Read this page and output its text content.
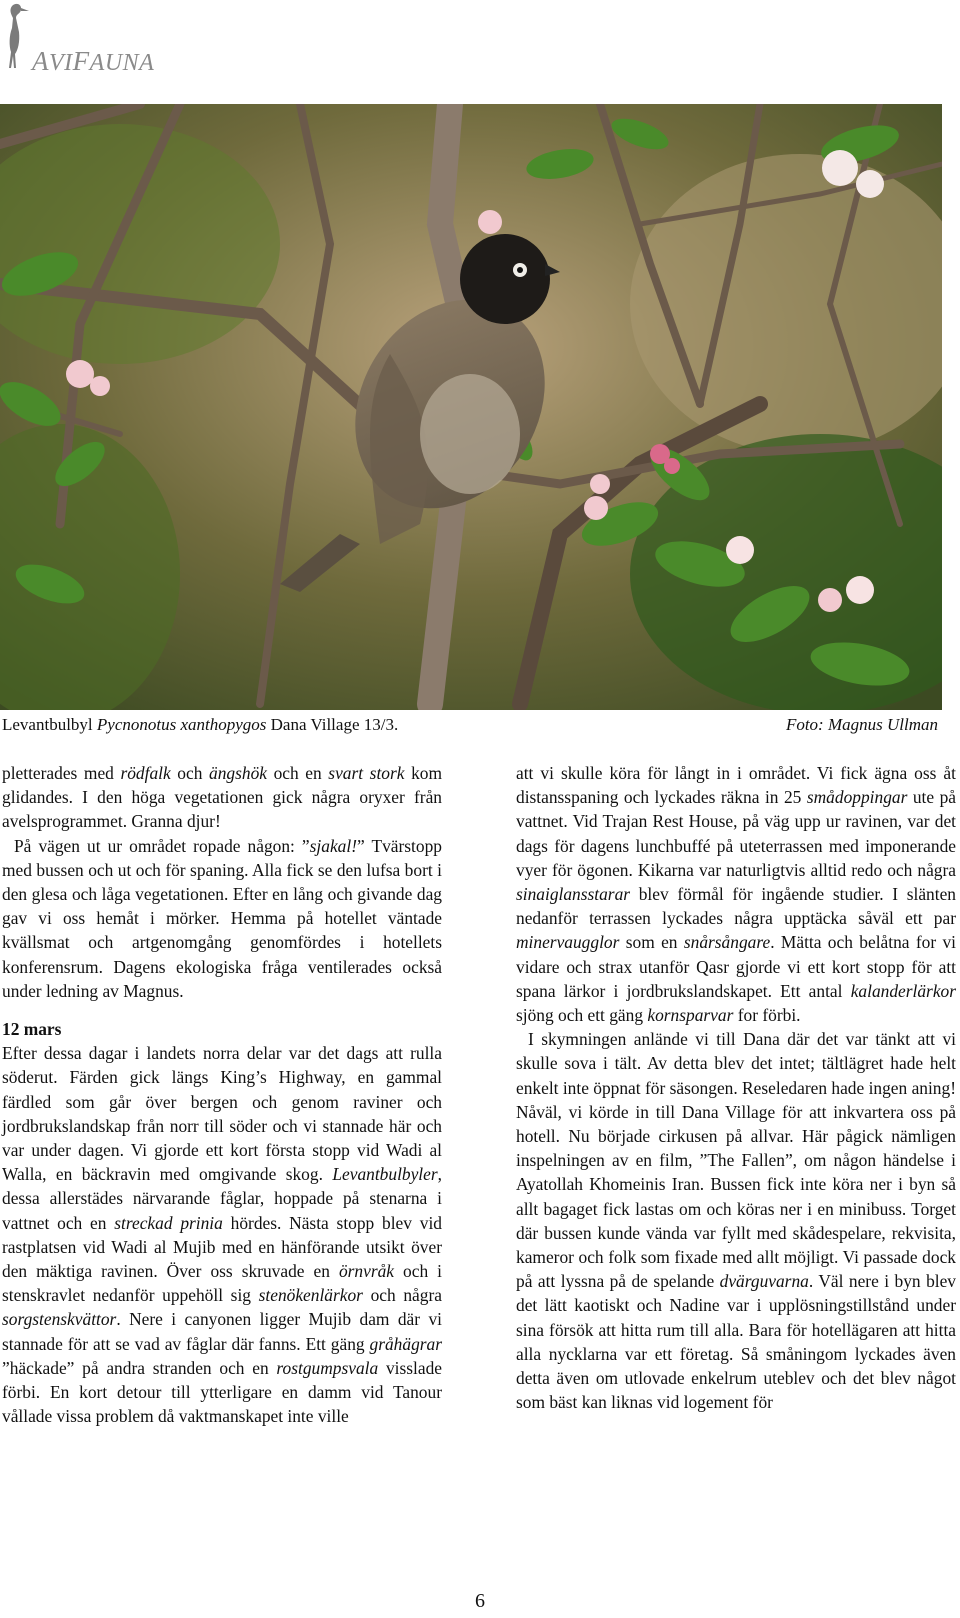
AVIFAUNA
Levantbulbyl Pycnonotus xanthopygos Dana Village 13/3.	Foto: Magnus Ullman

pletterades med rödfalk och ängshök och en svart stork kom glidandes. I den höga vegetationen gick några oryxer från avelsprogrammet. Granna djur!

På vägen ut ur området ropade någon: ”sjakal!” Tvärstopp med bussen och ut och för spaning. Alla fick se den lufsa bort i den glesa och låga vegetationen. Efter en lång och givande dag gav vi oss hemåt i mörker. Hemma på hotellet väntade kvällsmat och artgenomgång genomfördes i hotellets konferensrum. Dagens ekologiska fråga ventilerades också under ledning av Magnus.

12 mars

Efter dessa dagar i landets norra delar var det dags att rulla söderut. Färden gick längs King’s Highway, en gammal färdled som går över bergen och genom raviner och jordbrukslandskap från norr till söder och vi stannade här och var under dagen. Vi gjorde ett kort första stopp vid Wadi al Walla, en bäckravin med omgivande skog. Levantbulbyler, dessa allerstädes närvarande fåglar, hoppade på stenarna i vattnet och en streckad prinia hördes. Nästa stopp blev vid rastplatsen vid Wadi al Mujib med en hänförande utsikt över den mäktiga ravinen. Över oss skruvade en örnvråk och i stenskravlet nedanför uppehöll sig stenökenlärkor och några sorgstenskvättor. Nere i canyonen ligger Mujib dam där vi stannade för att se vad av fåglar där fanns. Ett gäng gråhägrar ”häckade” på andra stranden och en rostgumpsvala visslade förbi. En kort detour till ytterligare en damm vid Tanour vållade vissa problem då vaktmanskapet inte ville

att vi skulle köra för långt in i området. Vi fick ägna oss åt distansspaning och lyckades räkna in 25 smådoppingar ute på vattnet. Vid Trajan Rest House, på väg upp ur ravinen, var det dags för dagens lunchbuffé på uteterrassen med imponerande vyer för ögonen. Kikarna var naturligtvis alltid redo och några sinaiglansstarar blev förmål för ingående studier. I slänten nedanför terrassen lyckades några upptäcka såväl ett par minervaugglor som en snårsångare. Mätta och belåtna for vi vidare och strax utanför Qasr gjorde vi ett kort stopp för att spana lärkor i jordbrukslandskapet. Ett antal kalanderlärkor sjöng och ett gäng kornsparvar for förbi.

I skymningen anlände vi till Dana där det var tänkt att vi skulle sova i tält. Av detta blev det intet; tältlägret hade helt enkelt inte öppnat för säsongen. Reseledaren hade ingen aning! Nåväl, vi körde in till Dana Village för att inkvartera oss på hotell. Nu började cirkusen på allvar. Här pågick nämligen inspelningen av en film, ”The Fallen”, om någon händelse i Ayatollah Khomeinis Iran. Bussen fick inte köra ner i byn så allt bagaget fick lastas om och köras ner i en minibuss. Torget där bussen kunde vända var fyllt med skådespelare, rekvisita, kameror och folk som fixade med allt möjligt. Vi passade dock på att lyssna på de spelande dvärguvarna. Väl nere i byn blev det lätt kaotiskt och Nadine var i upplösningstillstånd under sina försök att hitta rum till alla. Bara för hotellägaren att hitta alla nycklarna var ett företag. Så småningom lyckades även detta även om utlovade enkelrum uteblev och det blev något som bäst kan liknas vid logement för

6
